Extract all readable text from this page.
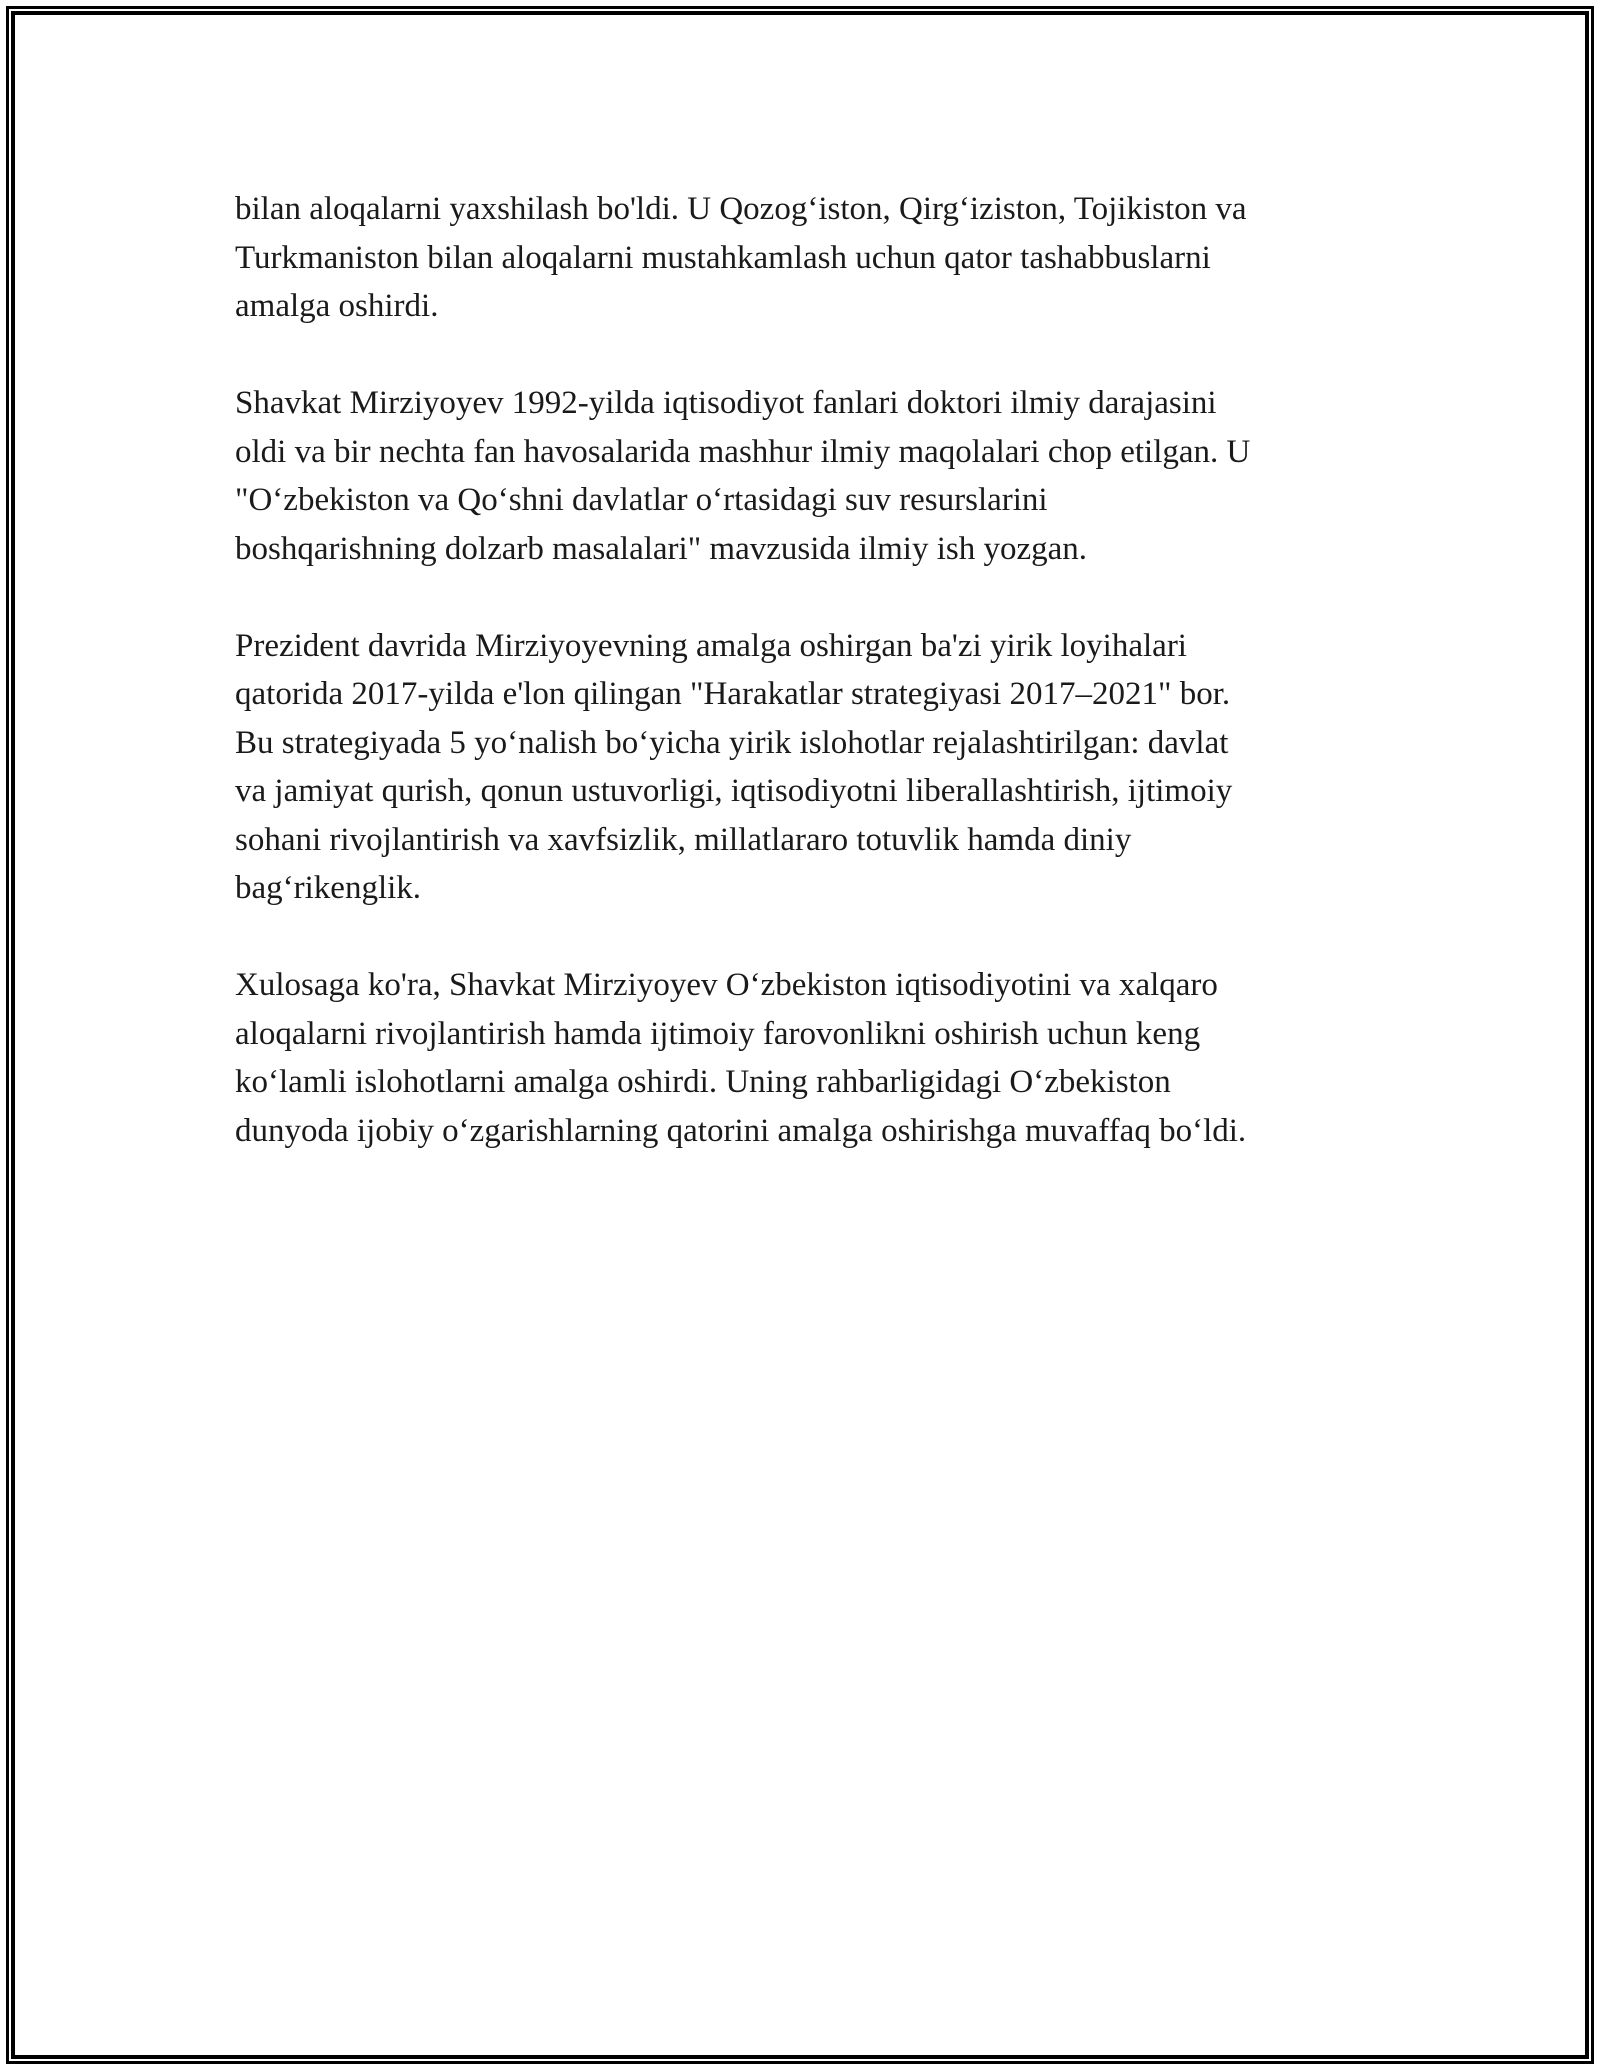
bilan aloqalarni yaxshilash bo'ldi. U Qozog‘iston, Qirg‘iziston, Tojikiston va
Turkmaniston bilan aloqalarni mustahkamlash uchun qator tashabbuslarni
amalga oshirdi.

Shavkat Mirziyoyev 1992-yilda iqtisodiyot fanlari doktori ilmiy darajasini
oldi va bir nechta fan havosalarida mashhur ilmiy maqolalari chop etilgan. U
"O‘zbekiston va Qo‘shni davlatlar o‘rtasidagi suv resurslarini
boshqarishning dolzarb masalalari" mavzusida ilmiy ish yozgan.

Prezident davrida Mirziyoyevning amalga oshirgan ba'zi yirik loyihalari
qatorida 2017-yilda e'lon qilingan "Harakatlar strategiyasi 2017–2021" bor.
Bu strategiyada 5 yo‘nalish bo‘yicha yirik islohotlar rejalashtirilgan: davlat
va jamiyat qurish, qonun ustuvorligi, iqtisodiyotni liberallashtirish, ijtimoiy
sohani rivojlantirish va xavfsizlik, millatlararo totuvlik hamda diniy
bag‘rikenglik.

Xulosaga ko'ra, Shavkat Mirziyoyev O‘zbekiston iqtisodiyotini va xalqaro
aloqalarni rivojlantirish hamda ijtimoiy farovonlikni oshirish uchun keng
ko‘lamli islohotlarni amalga oshirdi. Uning rahbarligidagi O‘zbekiston
dunyoda ijobiy o‘zgarishlarning qatorini amalga oshirishga muvaffaq bo‘ldi.
